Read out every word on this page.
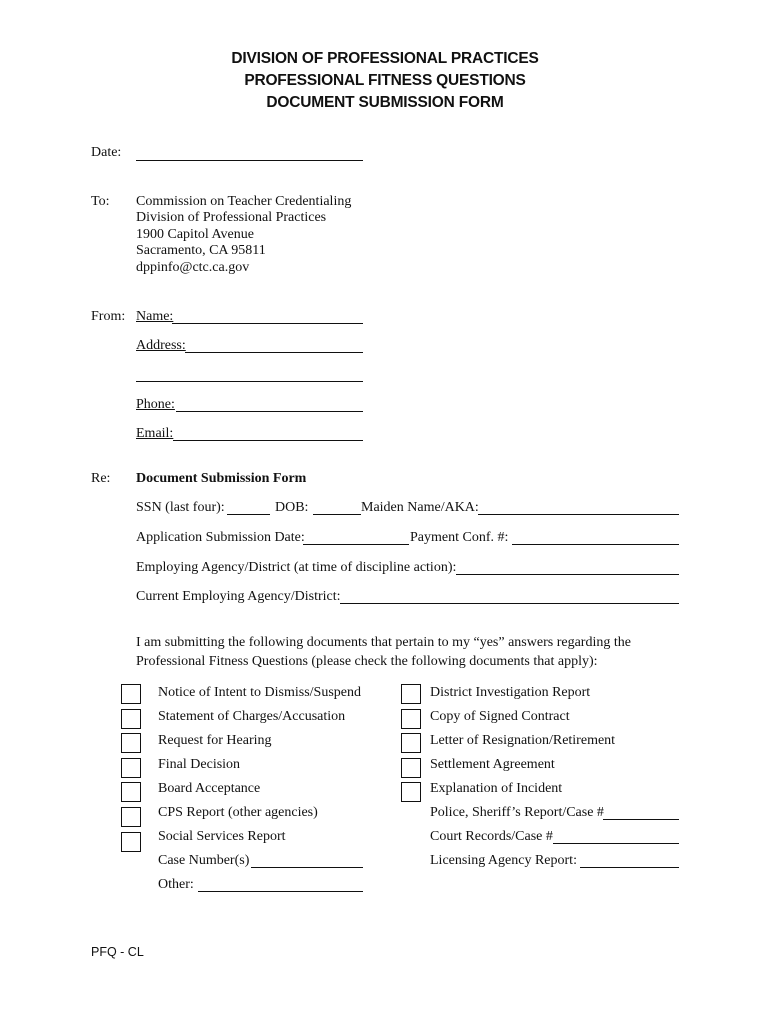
DIVISION OF PROFESSIONAL PRACTICES
PROFESSIONAL FITNESS QUESTIONS
DOCUMENT SUBMISSION FORM
Date:
To: Commission on Teacher Credentialing
Division of Professional Practices
1900 Capitol Avenue
Sacramento, CA 95811
dppinfo@ctc.ca.gov
From: Name:
Address:
Phone:
Email:
Re: Document Submission Form
SSN (last four):	DOB:	Maiden Name/AKA:
Application Submission Date:	Payment Conf. #:
Employing Agency/District (at time of discipline action):
Current Employing Agency/District:
I am submitting the following documents that pertain to my “yes” answers regarding the
Professional Fitness Questions (please check the following documents that apply):
Notice of Intent to Dismiss/Suspend
Statement of Charges/Accusation
Request for Hearing
Final Decision
Board Acceptance
CPS Report (other agencies)
Social Services Report
Case Number(s)
Other:
District Investigation Report
Copy of Signed Contract
Letter of Resignation/Retirement
Settlement Agreement
Explanation of Incident
Police, Sheriff’s Report/Case #
Court Records/Case #
Licensing Agency Report:
PFQ - CL
